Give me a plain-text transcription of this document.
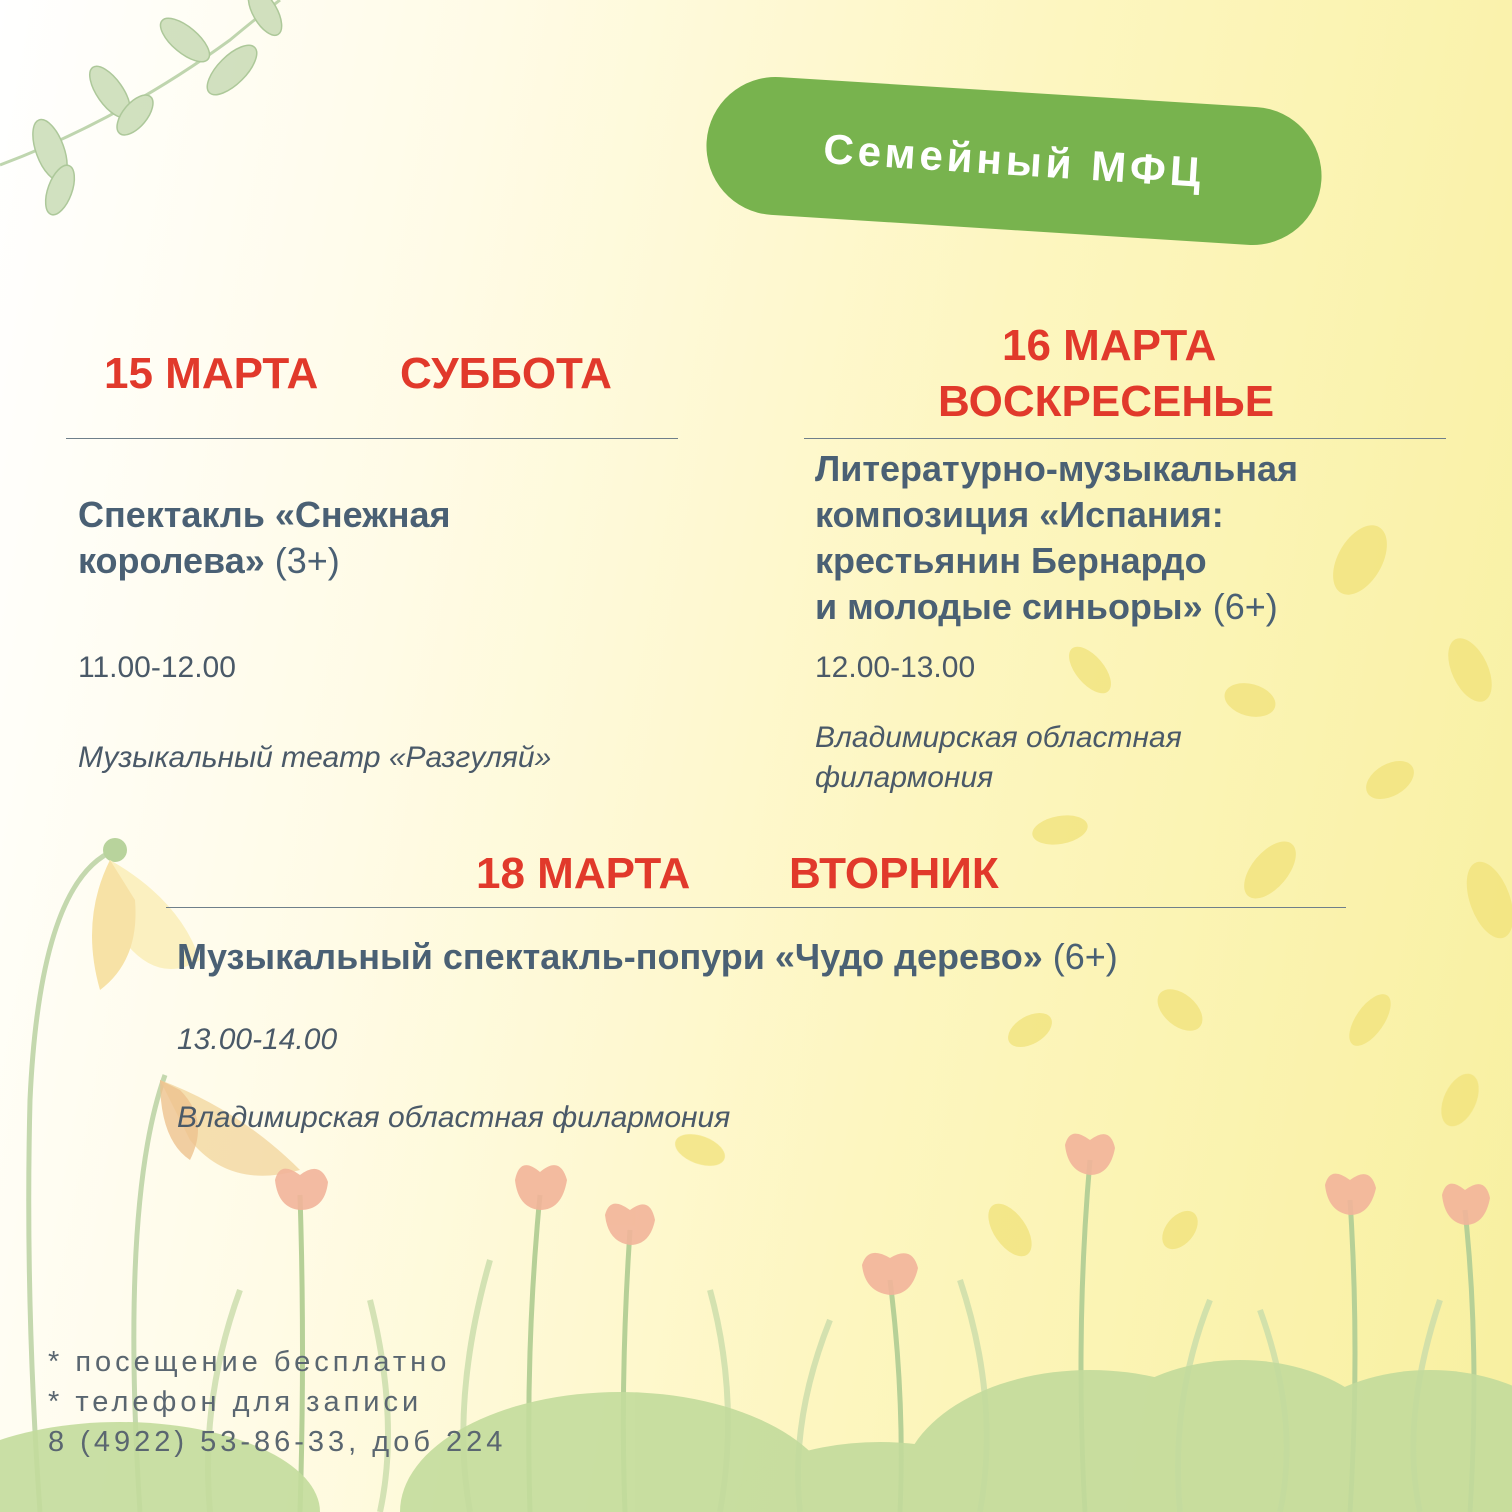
Семейный МФЦ
15 МАРТА СУББОТА
Спектакль «Снежная
королева» (3+)
11.00-12.00
Музыкальный театр «Разгуляй»
16 МАРТА
ВОСКРЕСЕНЬЕ
Литературно-музыкальная
композиция «Испания:
крестьянин Бернардо
и молодые синьоры» (6+)
12.00-13.00
Владимирская областная
филармония
18 МАРТА ВТОРНИК
Музыкальный спектакль-попури «Чудо дерево» (6+)
13.00-14.00
Владимирская областная филармония
* посещение бесплатно
* телефон для записи
8 (4922) 53-86-33, доб 224
